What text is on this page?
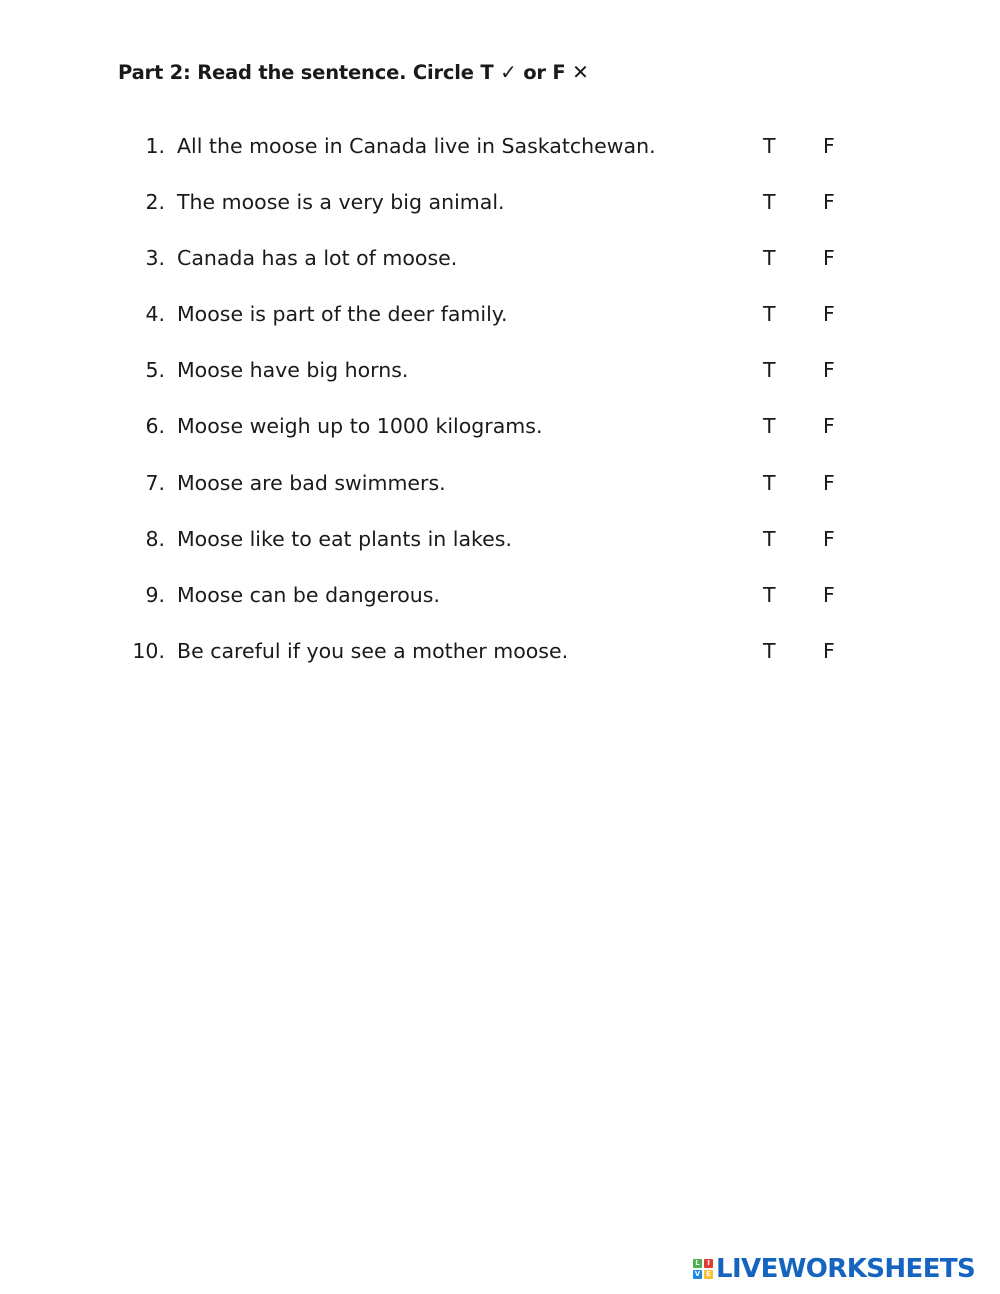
Part 2: Read the sentence. Circle T ✓ or F ✕
1. All the moose in Canada live in Saskatchewan.	T F
2. The moose is a very big animal.	T F
3. Canada has a lot of moose.	T F
4. Moose is part of the deer family.	T F
5. Moose have big horns.	T F
6. Moose weigh up to 1000 kilograms.	T F
7. Moose are bad swimmers.	T F
8. Moose like to eat plants in lakes.	T F
9. Moose can be dangerous.	T F
10. Be careful if you see a mother moose.	T F
L	I
V E LIVEWORKSHEETS
